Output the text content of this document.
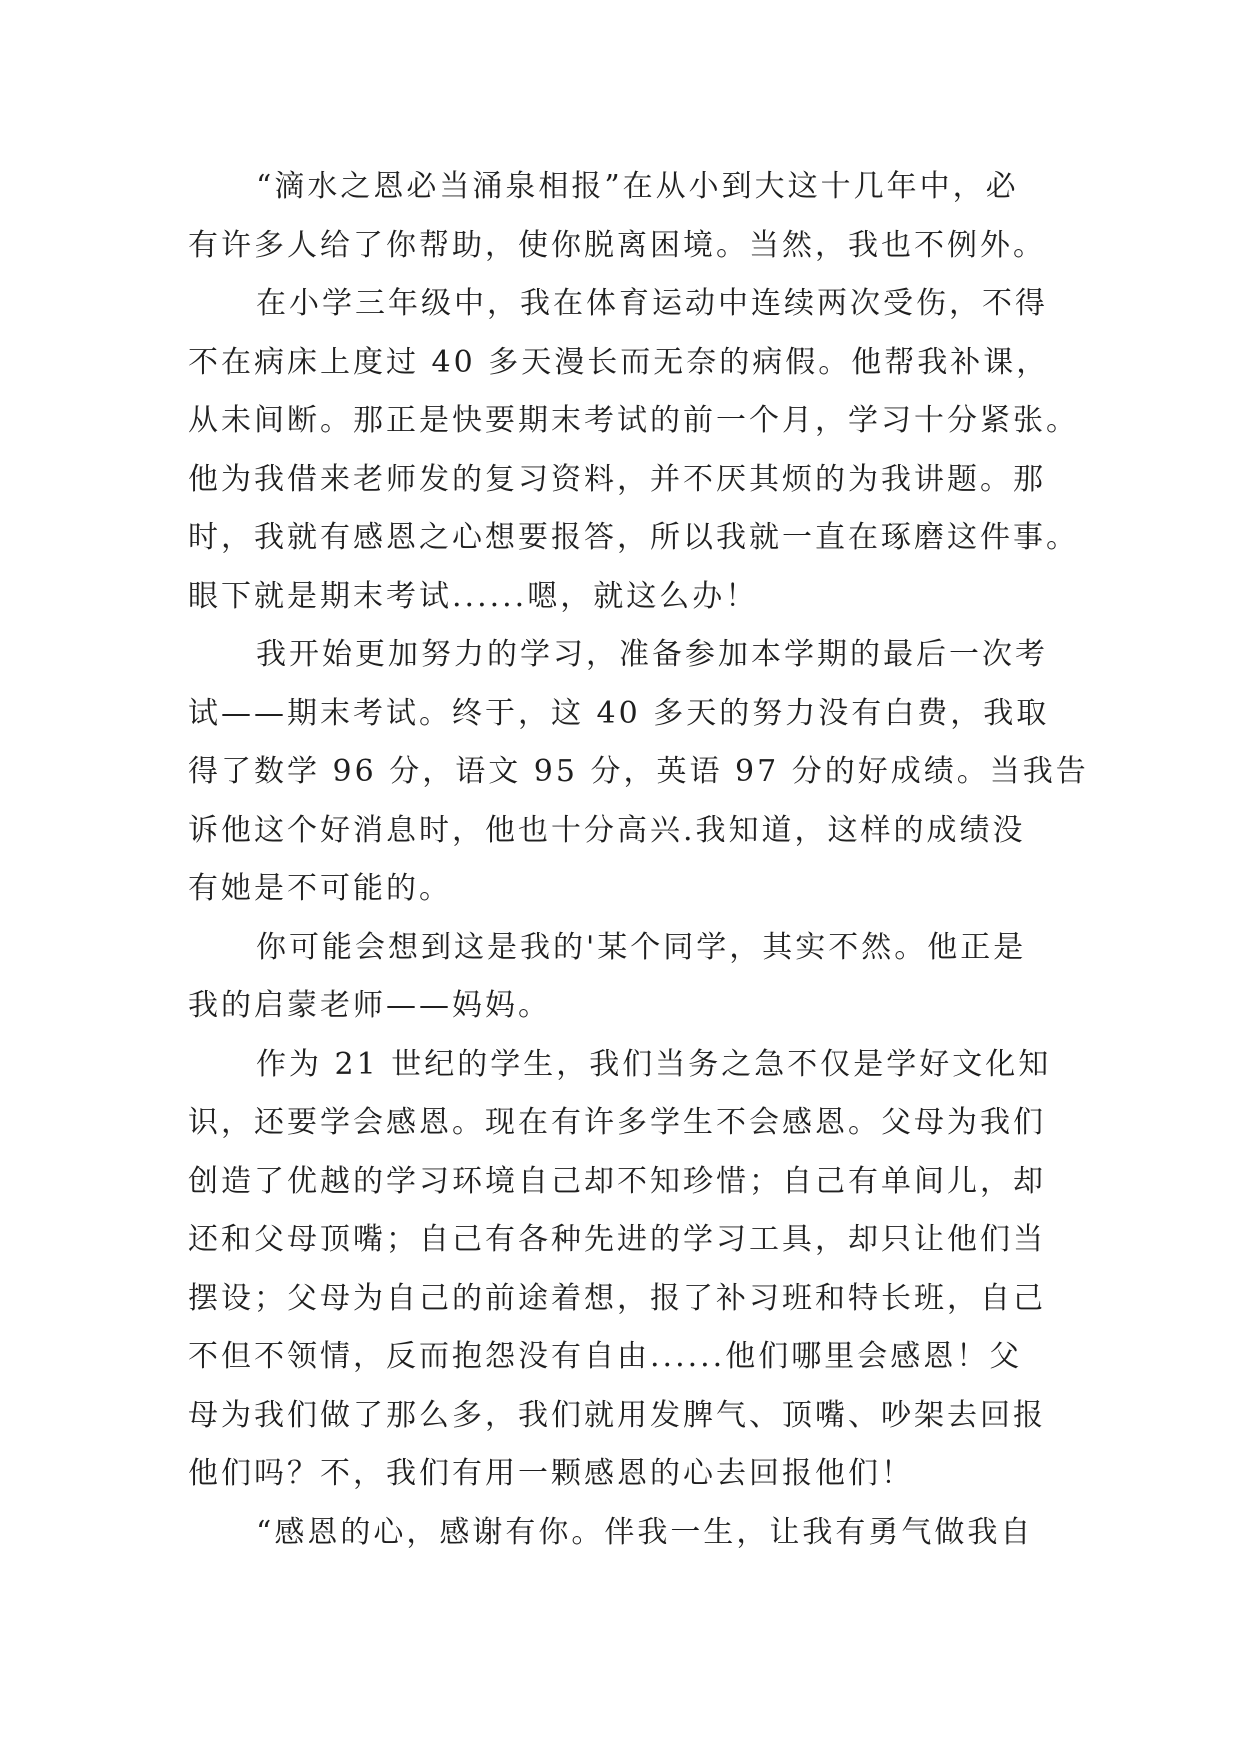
“滴水之恩必当涌泉相报”在从小到大这十几年中，必
有许多人给了你帮助，使你脱离困境。当然，我也不例外。
在小学三年级中，我在体育运动中连续两次受伤，不得
不在病床上度过 40 多天漫长而无奈的病假。他帮我补课，
从未间断。那正是快要期末考试的前一个月，学习十分紧张。
他为我借来老师发的复习资料，并不厌其烦的为我讲题。那
时，我就有感恩之心想要报答，所以我就一直在琢磨这件事。
眼下就是期末考试......嗯，就这么办！
我开始更加努力的学习，准备参加本学期的最后一次考
试——期末考试。终于，这 40 多天的努力没有白费，我取
得了数学 96 分，语文 95 分，英语 97 分的好成绩。当我告
诉他这个好消息时，他也十分高兴.我知道，这样的成绩没
有她是不可能的。
你可能会想到这是我的'某个同学，其实不然。他正是
我的启蒙老师——妈妈。
作为 21 世纪的学生，我们当务之急不仅是学好文化知
识，还要学会感恩。现在有许多学生不会感恩。父母为我们
创造了优越的学习环境自己却不知珍惜；自己有单间儿，却
还和父母顶嘴；自己有各种先进的学习工具，却只让他们当
摆设；父母为自己的前途着想，报了补习班和特长班，自己
不但不领情，反而抱怨没有自由......他们哪里会感恩！父
母为我们做了那么多，我们就用发脾气、顶嘴、吵架去回报
他们吗？不，我们有用一颗感恩的心去回报他们！
“感恩的心，感谢有你。伴我一生，让我有勇气做我自
